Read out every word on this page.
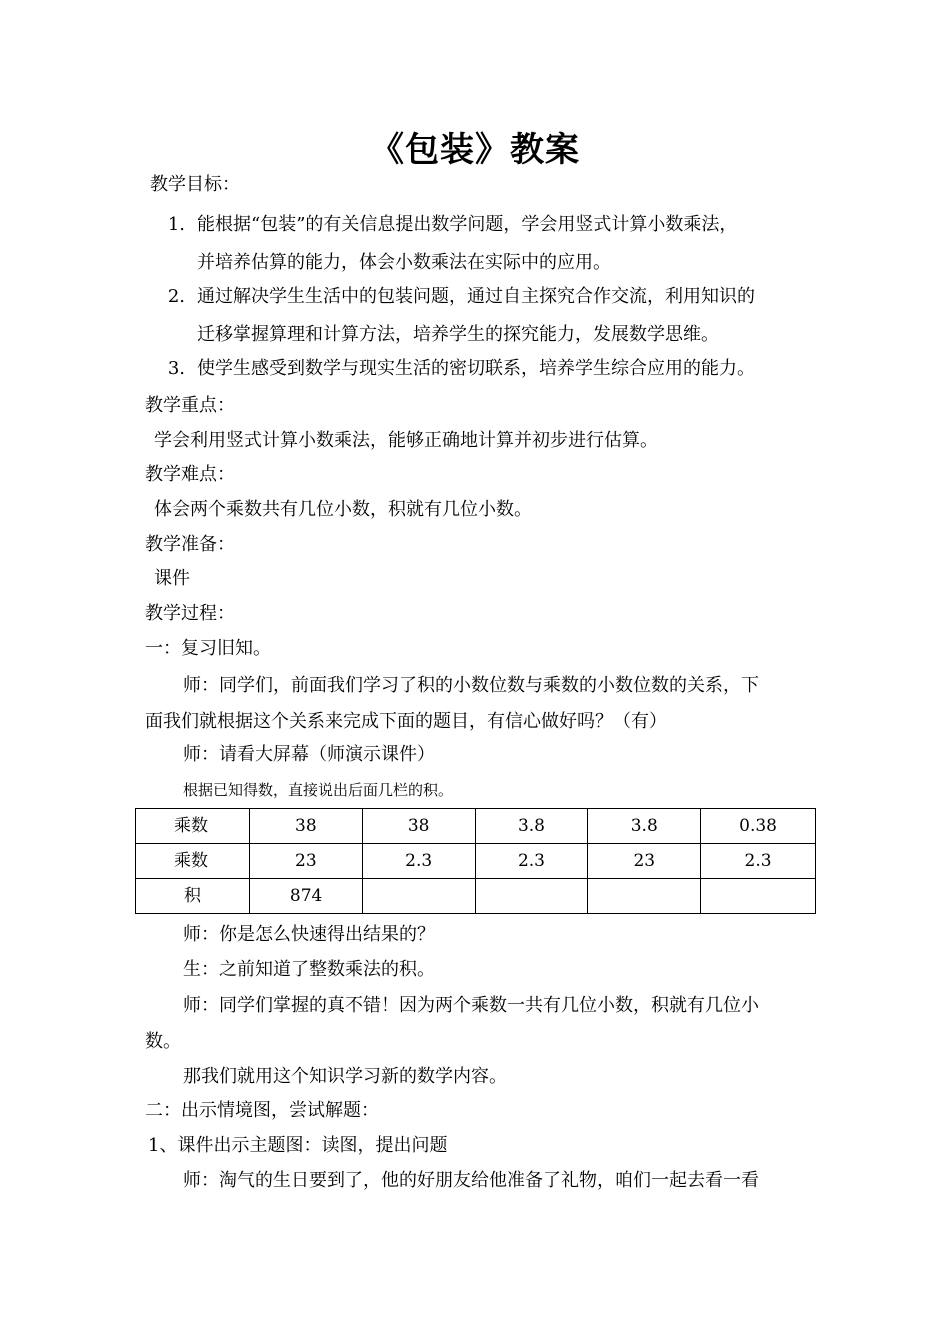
《包装》教案
教学目标：
1. 能根据“包装”的有关信息提出数学问题，学会用竖式计算小数乘法，
并培养估算的能力，体会小数乘法在实际中的应用。
2. 通过解决学生生活中的包装问题，通过自主探究合作交流，利用知识的
迁移掌握算理和计算方法，培养学生的探究能力，发展数学思维。
3. 使学生感受到数学与现实生活的密切联系，培养学生综合应用的能力。
教学重点：
学会利用竖式计算小数乘法，能够正确地计算并初步进行估算。
教学难点：
体会两个乘数共有几位小数，积就有几位小数。
教学准备：
课件
教学过程：
一：复习旧知。
师：同学们，前面我们学习了积的小数位数与乘数的小数位数的关系，下
面我们就根据这个关系来完成下面的题目，有信心做好吗？（有）
师：请看大屏幕（师演示课件）
根据已知得数，直接说出后面几栏的积。
乘数	38	38	3.8	3.8	0.38
乘数	23	2.3	2.3	23	2.3
积	874				
师：你是怎么快速得出结果的？
生：之前知道了整数乘法的积。
师：同学们掌握的真不错！因为两个乘数一共有几位小数，积就有几位小
数。
那我们就用这个知识学习新的数学内容。
二：出示情境图，尝试解题：
1、课件出示主题图：读图，提出问题
师：淘气的生日要到了，他的好朋友给他准备了礼物，咱们一起去看一看
